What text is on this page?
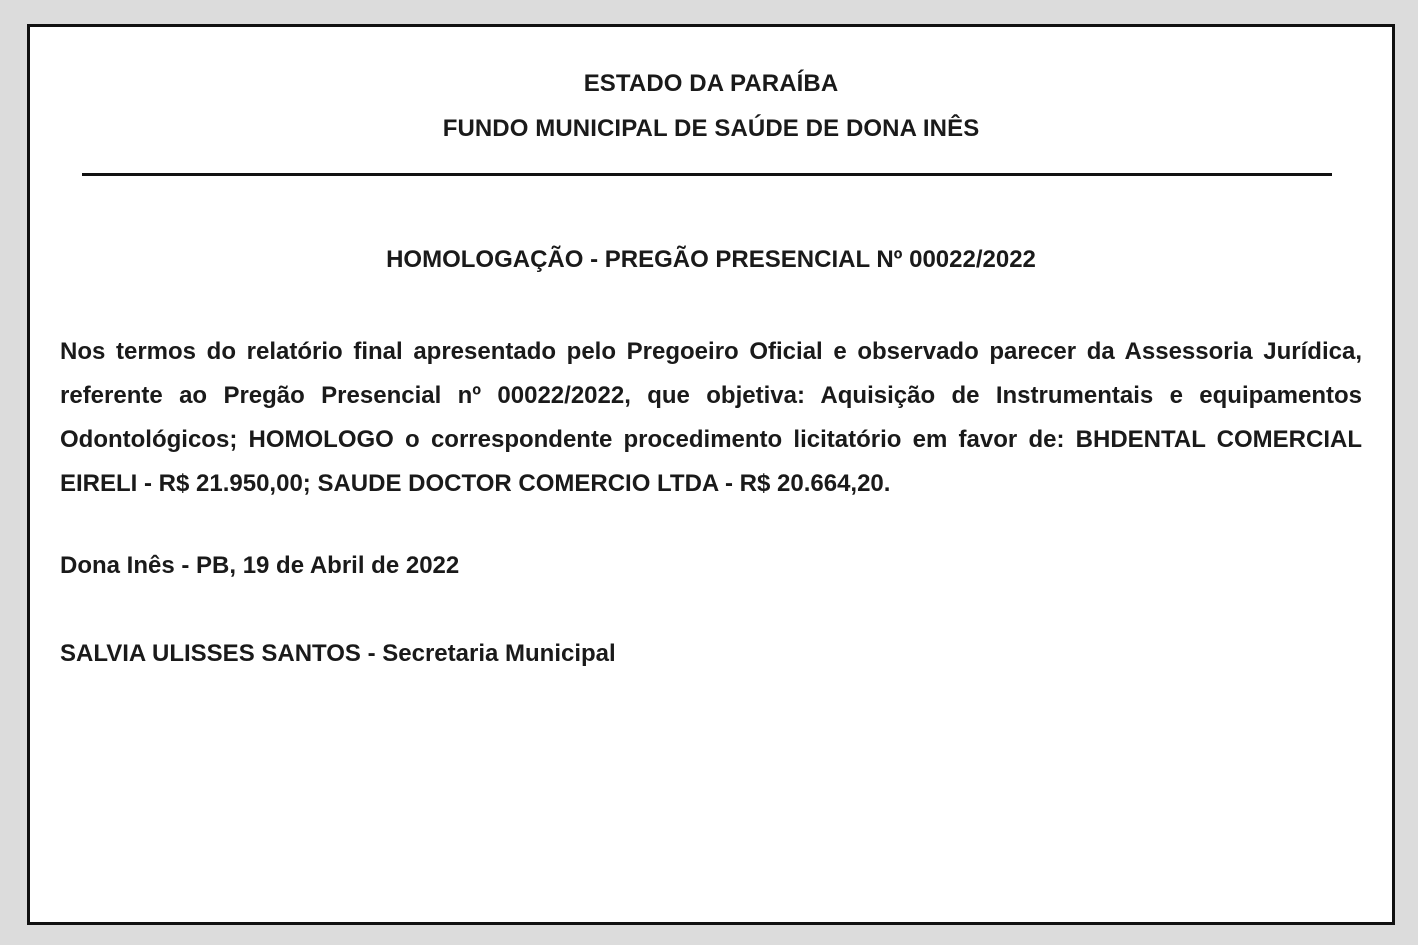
ESTADO DA PARAÍBA
FUNDO MUNICIPAL DE SAÚDE DE DONA INÊS
HOMOLOGAÇÃO - PREGÃO PRESENCIAL Nº 00022/2022

Nos termos do relatório final apresentado pelo Pregoeiro Oficial e observado parecer da Assessoria Jurídica, referente ao Pregão Presencial nº 00022/2022, que objetiva: Aquisição de Instrumentais e equipamentos Odontológicos; HOMOLOGO o correspondente procedimento licitatório em favor de: BHDENTAL COMERCIAL EIRELI - R$ 21.950,00; SAUDE DOCTOR COMERCIO LTDA - R$ 20.664,20.

Dona Inês - PB, 19 de Abril de 2022
SALVIA ULISSES SANTOS - Secretaria Municipal
